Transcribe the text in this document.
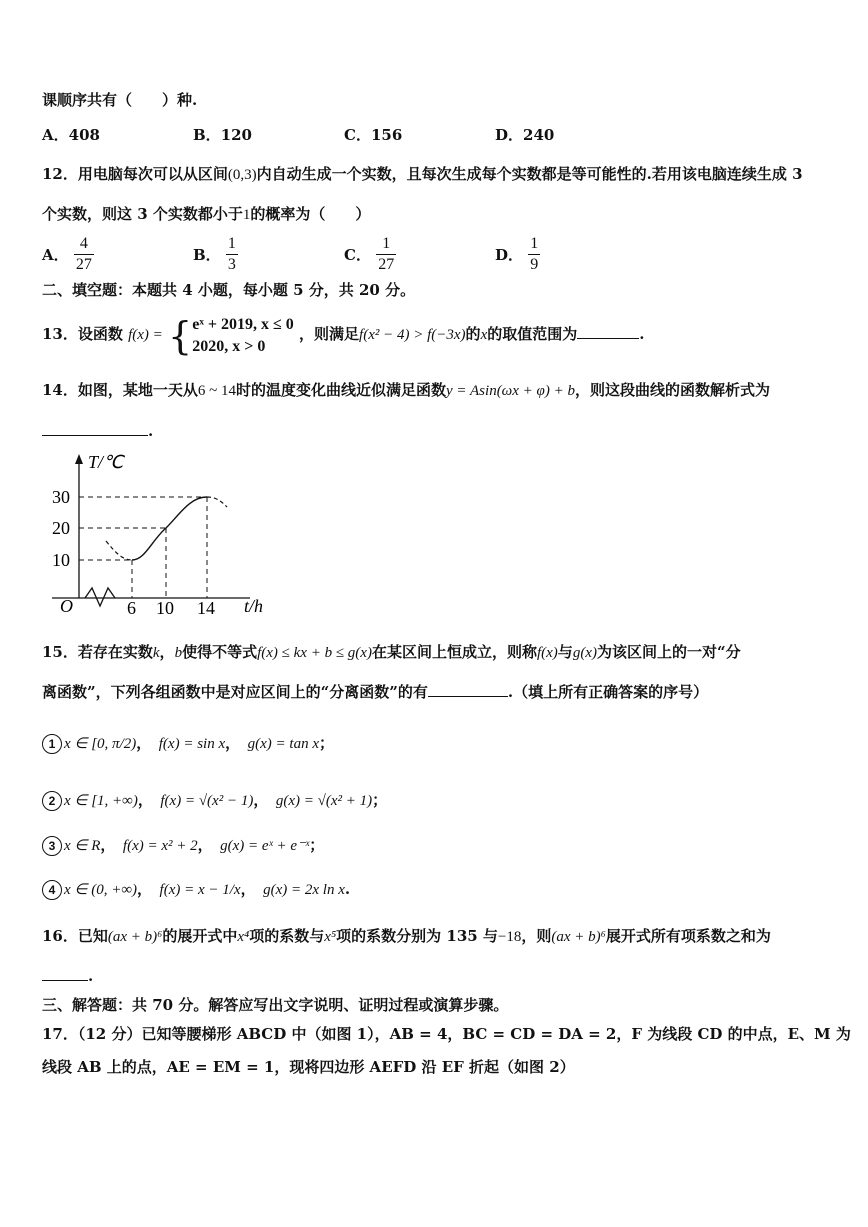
课顺序共有（　　）种.
A．408	B．120	C．156	D．240
12．用电脑每次可以从区间(0,3)内自动生成一个实数，且每次生成每个实数都是等可能性的.若用该电脑连续生成 3
个实数，则这 3 个实数都小于1的概率为（　　）
A． $\frac{4}{27}$	B． $\frac{1}{3}$	C． $\frac{1}{27}$	D． $\frac{1}{9}$
二、填空题：本题共 4 小题，每小题 5 分，共 20 分。
13．设函数 f(x) = { eˣ + 2019, x ≤ 0
2020, x > 0
，则满足f(x² − 4) > f(−3x)的x的取值范围为	.
14．如图，某地一天从6 ~ 14时的温度变化曲线近似满足函数y = Asin(ωx + φ) + b，则这段曲线的函数解析式为
.
T/℃
30
20
10
O	6 10 14 t/h
15．若存在实数k，b使得不等式f(x) ≤ kx + b ≤ g(x)在某区间上恒成立，则称f(x)与g(x)为该区间上的一对“分
离函数”，下列各组函数中是对应区间上的“分离函数”的有	.（填上所有正确答案的序号）
1 x ∈ [0, π/2)，　f(x) = sin x，　g(x) = tan x；
2 x ∈ [1, +∞)，　f(x) = √(x² − 1)，　g(x) = √(x² + 1)；
3 x ∈ R，　f(x) = x² + 2，　g(x) = eˣ + e⁻ˣ；
4 x ∈ (0, +∞)，　f(x) = x − 1/x，　g(x) = 2x ln x.
16．已知(ax + b)⁶的展开式中x⁴项的系数与x⁵项的系数分别为 135 与−18，则(ax + b)⁶展开式所有项系数之和为
.
三、解答题：共 70 分。解答应写出文字说明、证明过程或演算步骤。
17．（12 分）已知等腰梯形 ABCD 中（如图 1），AB = 4，BC = CD = DA = 2，F 为线段 CD 的中点，E、M 为
线段 AB 上的点，AE = EM = 1，现将四边形 AEFD 沿 EF 折起（如图 2）
